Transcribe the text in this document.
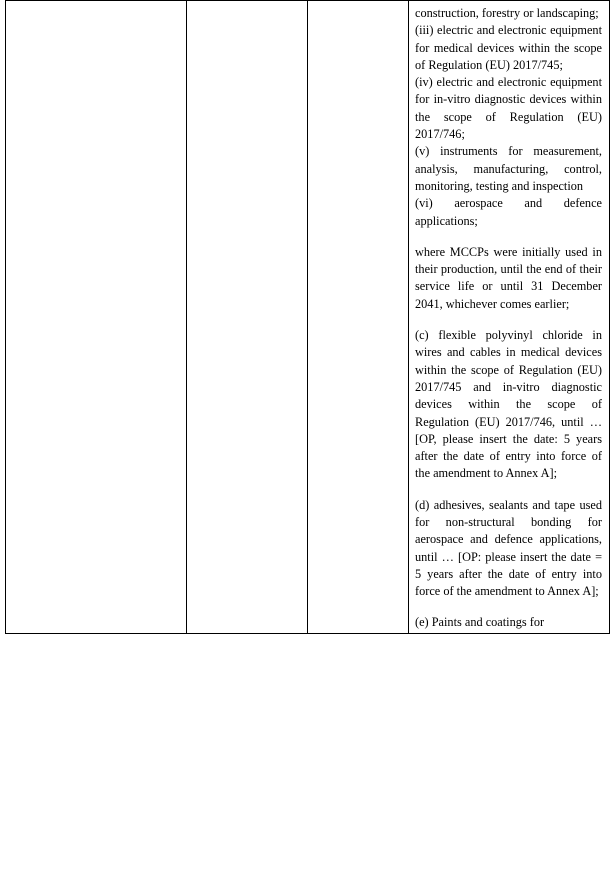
construction, forestry or landscaping;

(iii) electric and electronic equipment for medical devices within the scope of Regulation (EU) 2017/745;

(iv) electric and electronic equipment for in-vitro diagnostic devices within the scope of Regulation (EU) 2017/746;

(v) instruments for measurement, analysis, manufacturing, control, monitoring, testing and inspection

(vi) aerospace and defence applications;

where MCCPs were initially used in their production, until the end of their service life or until 31 December 2041, whichever comes earlier;

(c) flexible polyvinyl chloride in wires and cables in medical devices within the scope of Regulation (EU) 2017/745 and in-vitro diagnostic devices within the scope of Regulation (EU) 2017/746, until … [OP, please insert the date: 5 years after the date of entry into force of the amendment to Annex A];

(d) adhesives, sealants and tape used for non-structural bonding for aerospace and defence applications, until … [OP: please insert the date = 5 years after the date of entry into force of the amendment to Annex A];

(e) Paints and coatings for
